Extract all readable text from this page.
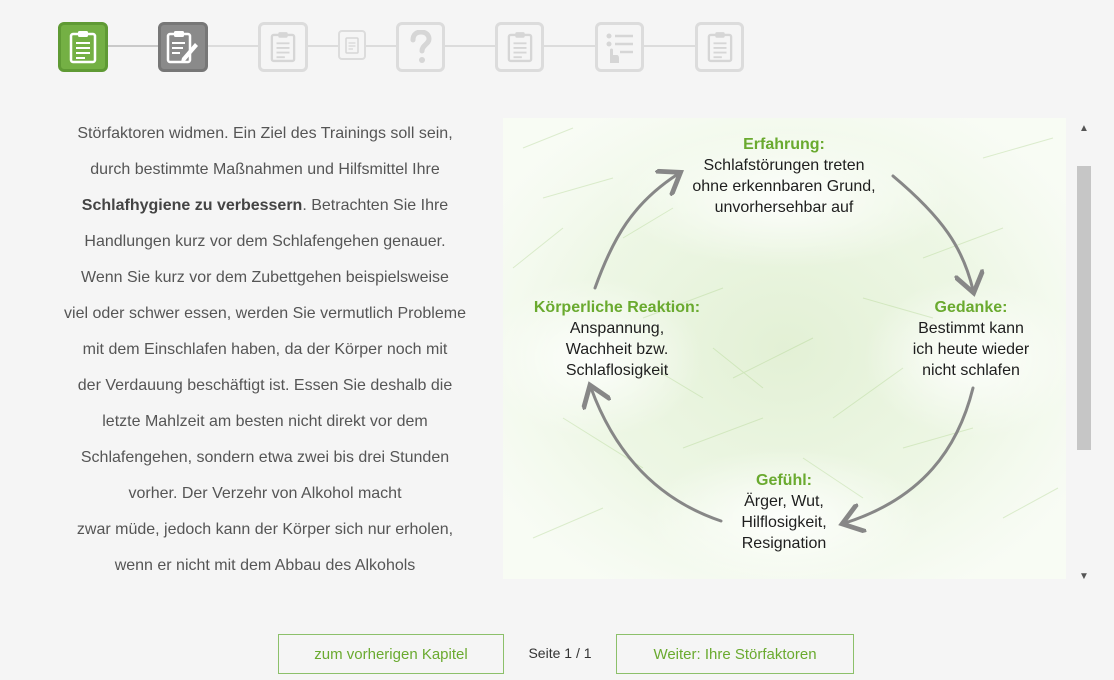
Störfaktoren widmen. Ein Ziel des Trainings soll sein,

durch bestimmte Maßnahmen und Hilfsmittel Ihre

Schlafhygiene zu verbessern. Betrachten Sie Ihre

Handlungen kurz vor dem Schlafengehen genauer.

Wenn Sie kurz vor dem Zubettgehen beispielsweise

viel oder schwer essen, werden Sie vermutlich Probleme

mit dem Einschlafen haben, da der Körper noch mit

der Verdauung beschäftigt ist. Essen Sie deshalb die

letzte Mahlzeit am besten nicht direkt vor dem

Schlafengehen, sondern etwa zwei bis drei Stunden

vorher. Der Verzehr von Alkohol macht

zwar müde, jedoch kann der Körper sich nur erholen,

wenn er nicht mit dem Abbau des Alkohols

Erfahrung:
Schlafstörungen treten
ohne erkennbaren Grund,
unvorhersehbar auf
Gedanke:
Bestimmt kann
ich heute wieder
nicht schlafen
Gefühl:
Ärger, Wut,
Hilflosigkeit,
Resignation
Körperliche Reaktion:
Anspannung,
Wachheit bzw.
Schlaflosigkeit
▲
▼
zum vorherigen Kapitel	Seite 1 / 1	Weiter: Ihre Störfaktoren
